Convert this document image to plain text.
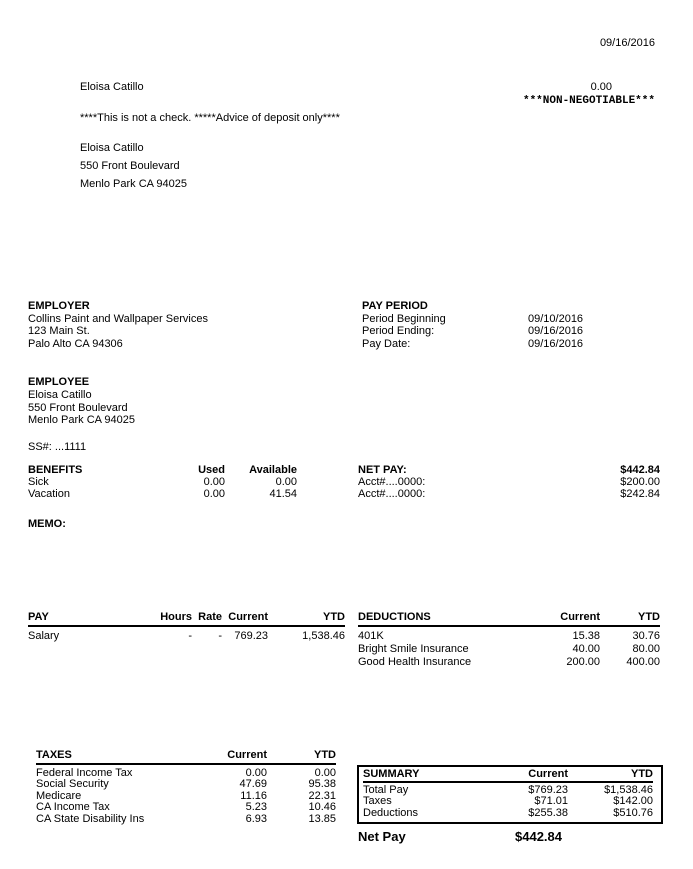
09/16/2016
Eloisa Catillo	0.00
***NON-NEGOTIABLE***
****This is not a check. *****Advice of deposit only****
Eloisa Catillo
550 Front Boulevard
Menlo Park CA 94025
EMPLOYER
Collins Paint and Wallpaper Services
123 Main St.
Palo Alto CA 94306
PAY PERIOD
Period Beginning	09/10/2016
Period Ending:	09/16/2016
Pay Date:	09/16/2016
EMPLOYEE
Eloisa Catillo
550 Front Boulevard
Menlo Park CA 94025
SS#: ...1111
BENEFITS	Used	Available
Sick	0.00	0.00
Vacation	0.00	41.54
NET PAY:	$442.84
Acct#....0000:	$200.00
Acct#....0000:	$242.84
MEMO:
PAY	Hours Rate Current	YTD
Salary	-	-	769.23	1,538.46
DEDUCTIONS	Current	YTD
401K	15.38	30.76
Bright Smile Insurance	40.00	80.00
Good Health Insurance	200.00	400.00
TAXES	Current	YTD
Federal Income Tax	0.00	0.00
Social Security	47.69	95.38
Medicare	11.16	22.31
CA Income Tax	5.23	10.46
CA State Disability Ins	6.93	13.85
SUMMARY	Current	YTD
Total Pay	$769.23	$1,538.46
Taxes	$71.01	$142.00
Deductions	$255.38	$510.76
Net Pay	$442.84
